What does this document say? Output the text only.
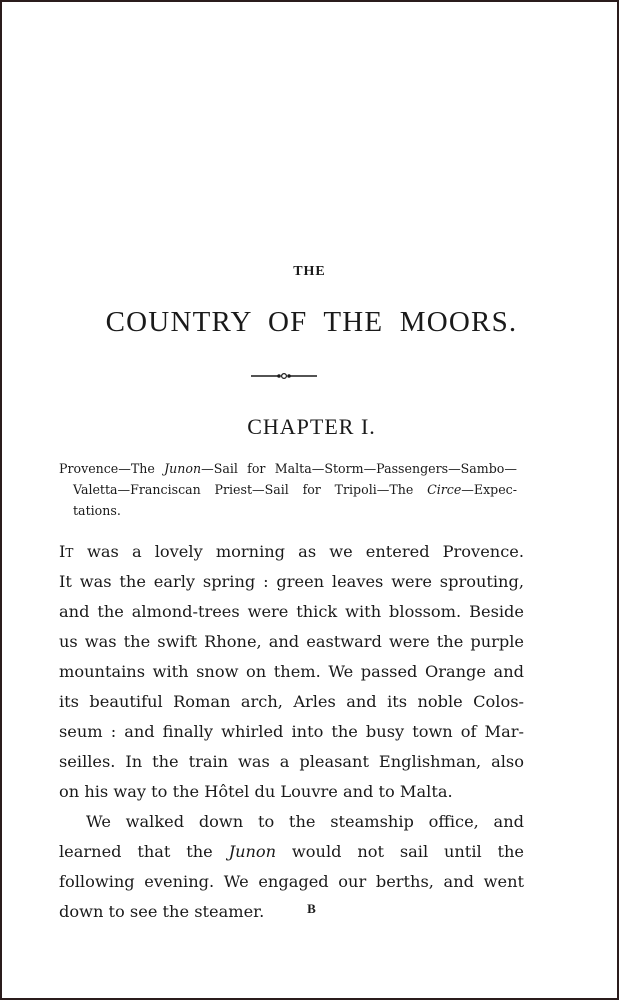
THE
COUNTRY OF THE MOORS.
CHAPTER I.
Provence—The Junon—Sail for Malta—Storm—Passengers—Sambo—
Valetta—Franciscan Priest—Sail for Tripoli—The Circe—Expec-
tations.
IT was a lovely morning as we entered Provence.
It was the early spring : green leaves were sprouting,
and the almond-trees were thick with blossom. Beside
us was the swift Rhone, and eastward were the purple
mountains with snow on them. We passed Orange and
its beautiful Roman arch, Arles and its noble Colos-
seum : and finally whirled into the busy town of Mar-
seilles. In the train was a pleasant Englishman, also
on his way to the Hôtel du Louvre and to Malta.
We walked down to the steamship office, and
learned that the Junon would not sail until the
following evening. We engaged our berths, and went
down to see the steamer.	B
